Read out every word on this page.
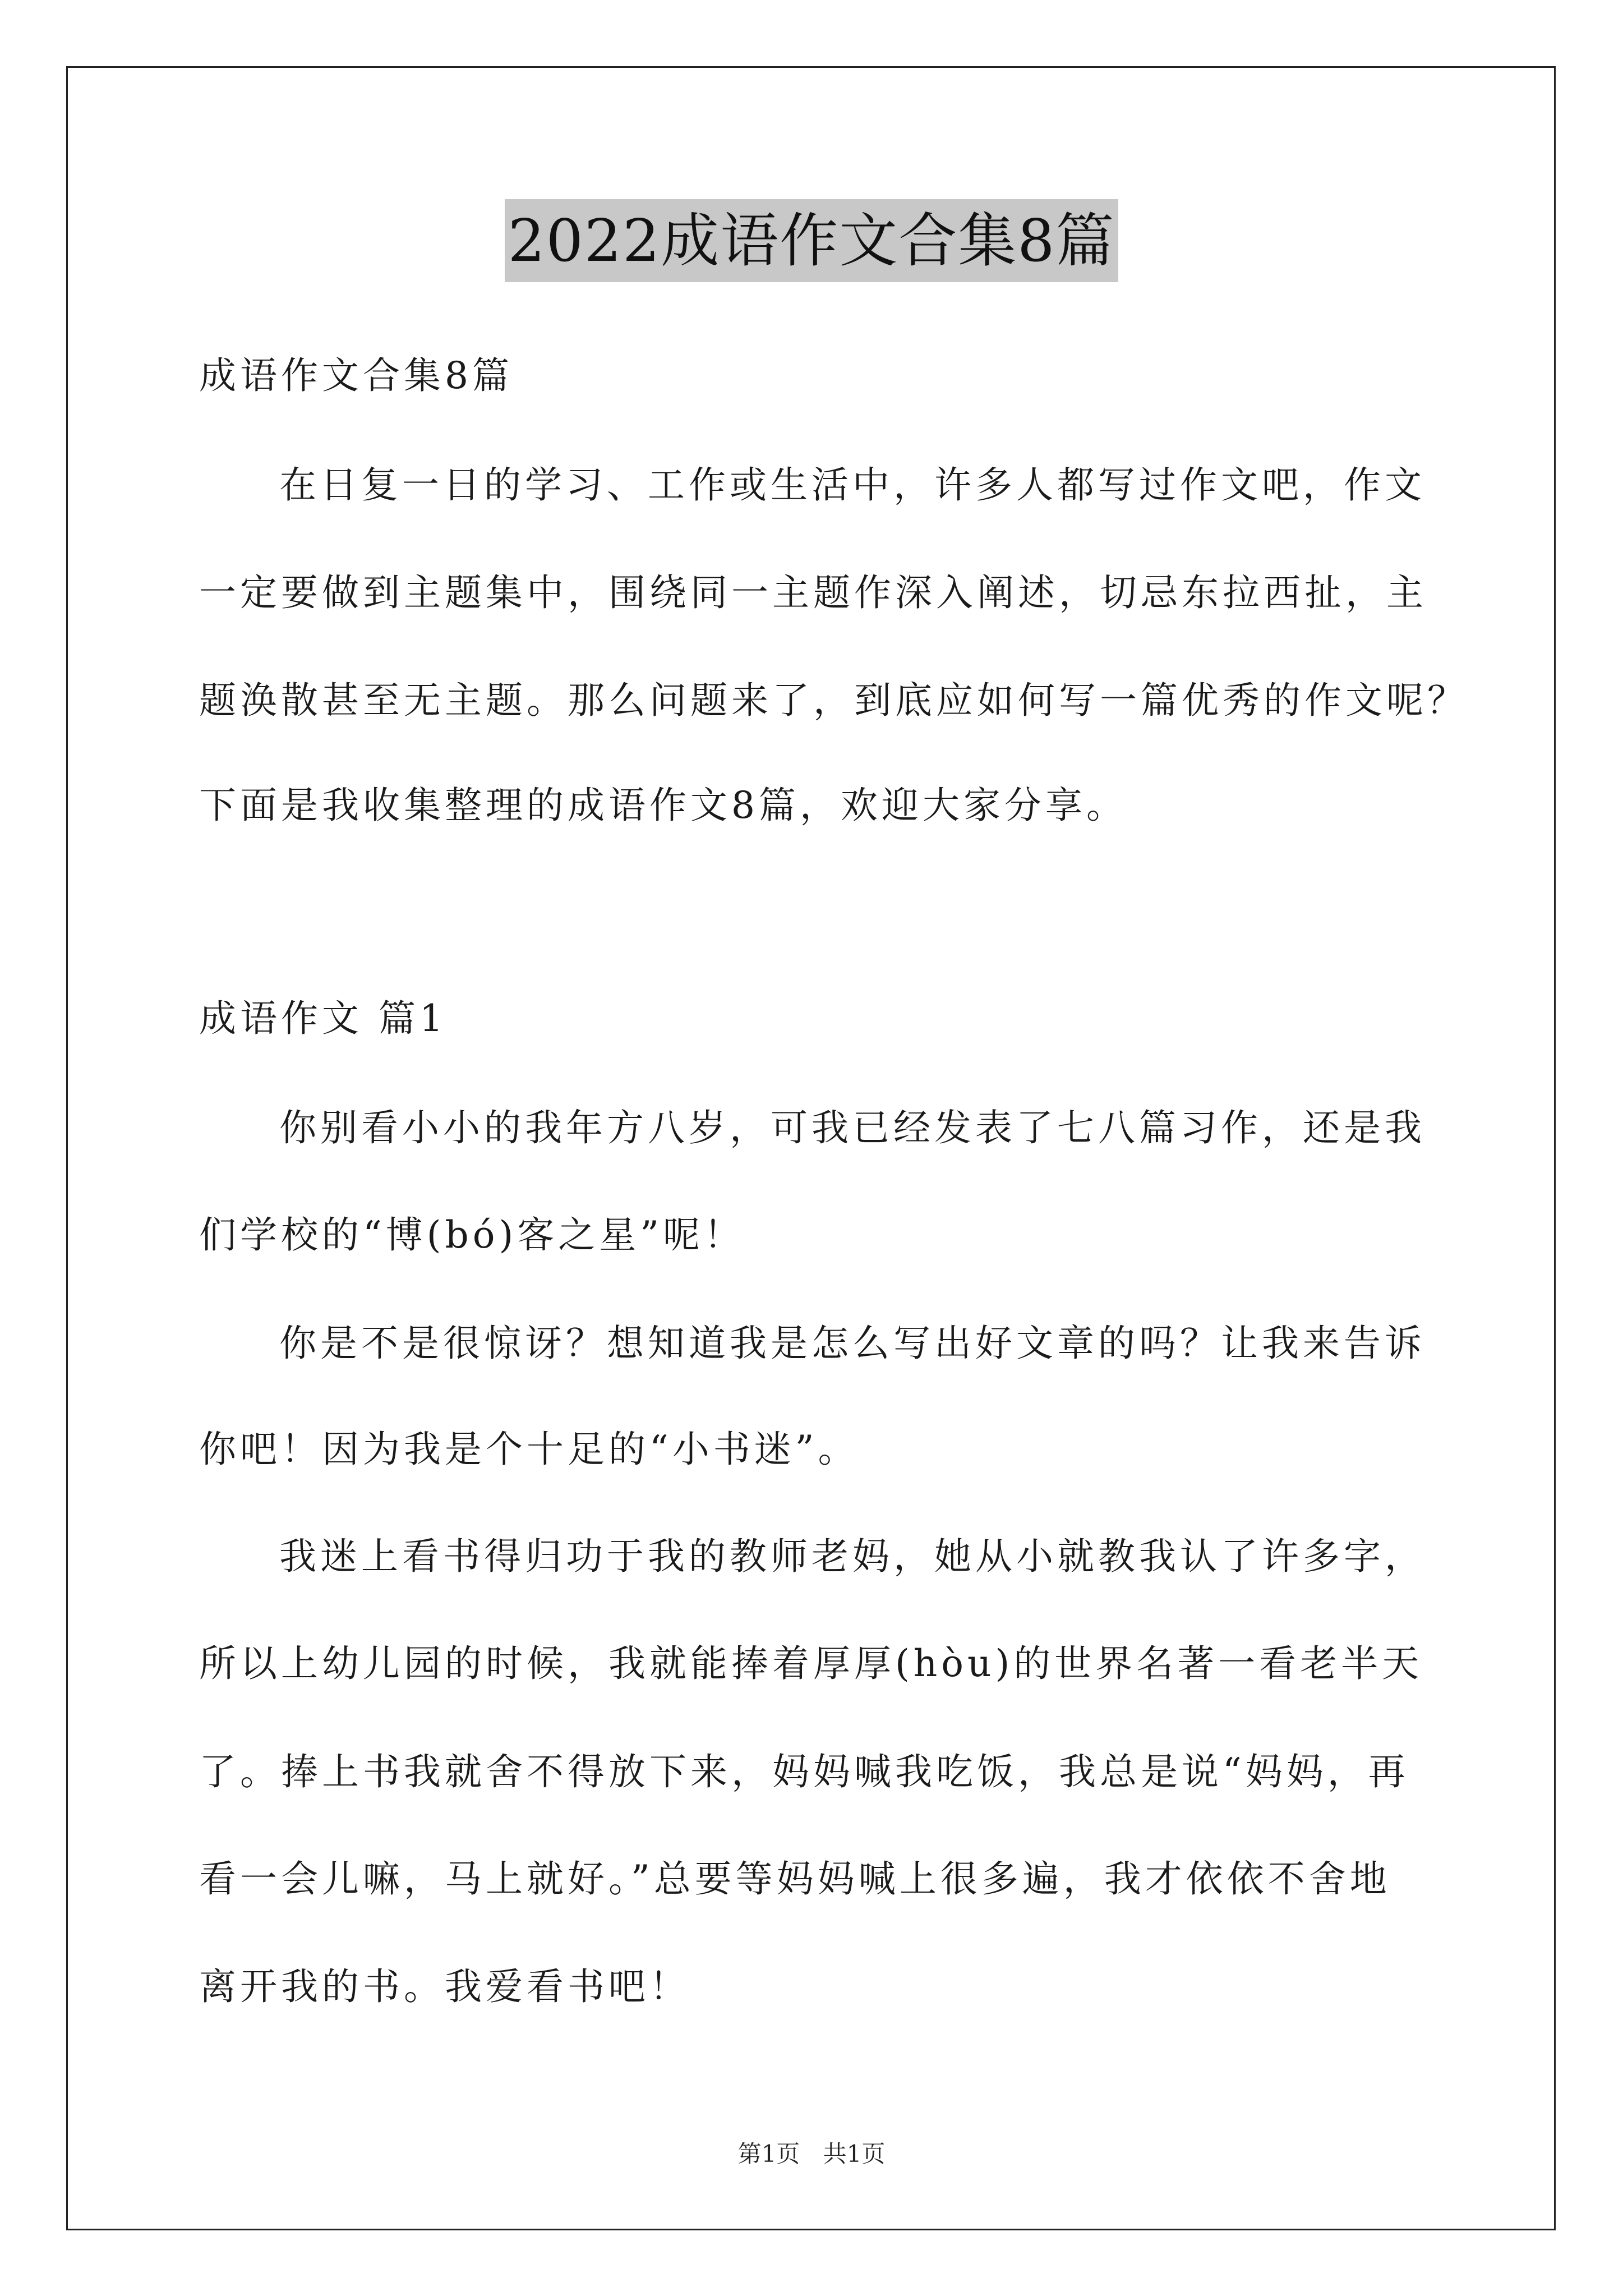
2022成语作文合集8篇
成语作文合集8篇
在日复一日的学习、工作或生活中，许多人都写过作文吧，作文
一定要做到主题集中，围绕同一主题作深入阐述，切忌东拉西扯，主
题涣散甚至无主题。那么问题来了，到底应如何写一篇优秀的作文呢？
下面是我收集整理的成语作文8篇，欢迎大家分享。
成语作文 篇1
你别看小小的我年方八岁，可我已经发表了七八篇习作，还是我
们学校的“博(bó)客之星”呢！
你是不是很惊讶？想知道我是怎么写出好文章的吗？让我来告诉
你吧！因为我是个十足的“小书迷”。
我迷上看书得归功于我的教师老妈，她从小就教我认了许多字，
所以上幼儿园的时候，我就能捧着厚厚(hòu)的世界名著一看老半天
了。捧上书我就舍不得放下来，妈妈喊我吃饭，我总是说“妈妈，再
看一会儿嘛，马上就好。”总要等妈妈喊上很多遍，我才依依不舍地
离开我的书。我爱看书吧！
第1页 共1页
